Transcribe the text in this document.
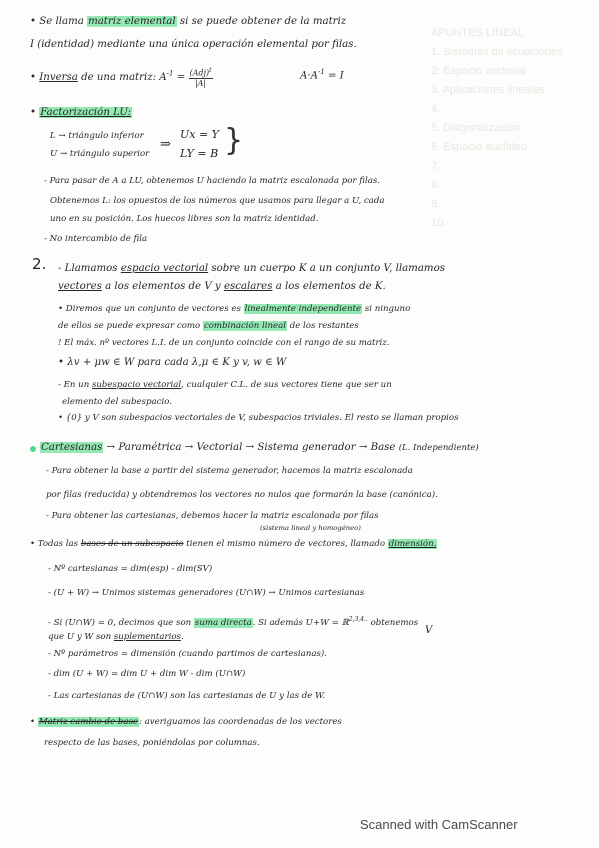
APUNTES LINEAL
1. Sistemas de ecuaciones
2. Espacio vectorial
3. Aplicaciones lineales
4.
5. Diagonalización
6. Espacio euclídeo
7.
8.
9.
10.
• Se llama matriz elemental si se puede obtener de la matriz
I (identidad) mediante una única operación elemental por filas.
• Inversa de una matriz: $A^{-1} = \frac{(Adj)^t}{|A|}$	$A\cdot A^{-1} = I$
• Factorización LU:
L → triángulo inferior
U → triángulo superior
⇒
Ux = Y
LY = B }
- Para pasar de A a LU, obtenemos U haciendo la matriz escalonada por filas.
Obtenemos L: los opuestos de los números que usamos para llegar a U, cada
uno en su posición. Los huecos libres son la matriz identidad.
- No intercambio de fila
2. - Llamamos espacio vectorial sobre un cuerpo K a un conjunto V, llamamos
vectores a los elementos de V y escalares a los elementos de K.
• Diremos que un conjunto de vectores es linealmente independiente si ninguno
de ellos se puede expresar como combinación lineal de los restantes
! El máx. nº vectores L.I. de un conjunto coincide con el rango de su matriz.
• λv + μw ∈ W para cada λ,μ ∈ K y v, w ∈ W
- En un subespacio vectorial, cualquier C.L. de sus vectores tiene que ser un
elemento del subespacio.
• {0} y V son subespacios vectoriales de V, subespacios triviales. El resto se llaman propios
Cartesianas → Paramétrica → Vectorial → Sistema generador → Base (L. Independiente)
- Para obtener la base a partir del sistema generador, hacemos la matriz escalonada
por filas (reducida) y obtendremos los vectores no nulos que formarán la base (canónica).
- Para obtener las cartesianas, debemos hacer la matriz escalonada por filas
(sistema lineal y homogéneo)
• Todas las bases de un subespacio tienen el mismo número de vectores, llamado dimensión.
- Nº cartesianas = dim(esp) - dim(SV)
- (U + W) → Unimos sistemas generadores (U∩W) → Unimos cartesianas
- Si (U∩W) = 0, decimos que son suma directa. Si además U+W = ℝ$^{2,3,4..}$ obtenemos
que U y W son suplementarios.
V
- Nº parámetros = dimensión (cuando partimos de cartesianas).
- dim (U + W) = dim U + dim W - dim (U∩W)
- Las cartesianas de (U∩W) son las cartesianas de U y las de W.
• Matriz cambio de base: averiguamos las coordenadas de los vectores
respecto de las bases, poniéndolas por columnas.
Scanned with CamScanner
